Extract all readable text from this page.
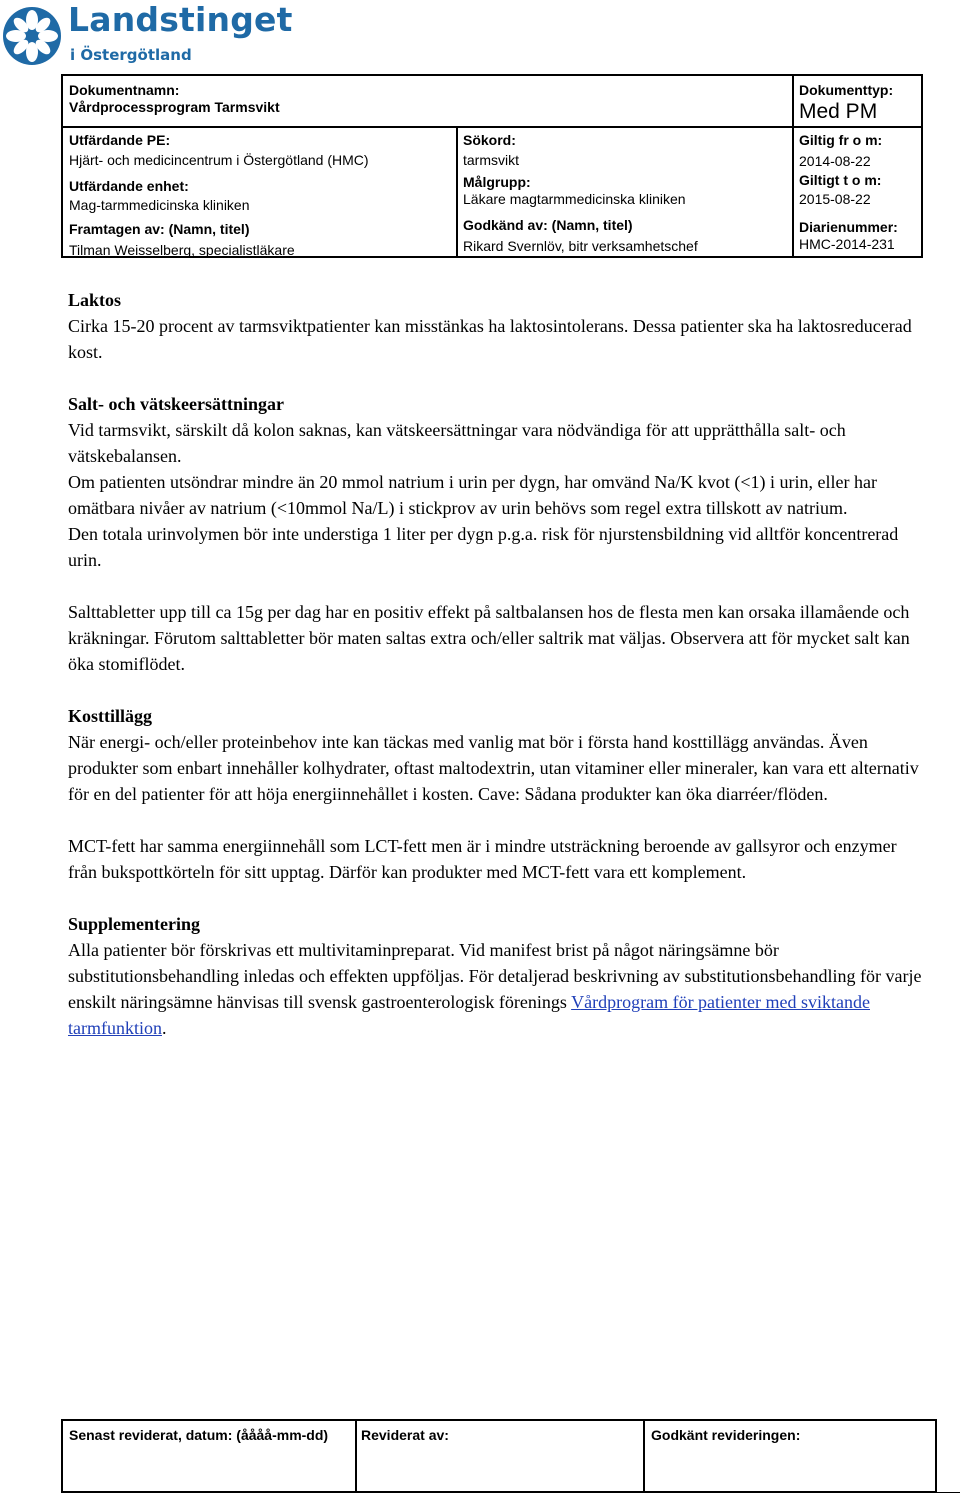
Landstinget
i Östergötland
Dokumentnamn:
Vårdprocessprogram Tarmsvikt
Dokumenttyp:
Med PM
Utfärdande PE:
Hjärt- och medicincentrum i Östergötland (HMC)
Utfärdande enhet:
Mag-tarmmedicinska kliniken
Framtagen av: (Namn, titel)
Tilman Weisselberg, specialistläkare
Sökord:
tarmsvikt
Målgrupp:
Läkare magtarmmedicinska kliniken
Godkänd av: (Namn, titel)
Rikard Svernlöv, bitr verksamhetschef
Giltig fr o m:
2014-08-22
Giltigt t o m:
2015-08-22
Diarienummer:
HMC-2014-231
Laktos

Cirka 15-20 procent av tarmsviktpatienter kan misstänkas ha laktosintolerans. Dessa patienter ska ha laktosreducerad kost.

Salt- och vätskeersättningar

Vid tarmsvikt, särskilt då kolon saknas, kan vätskeersättningar vara nödvändiga för att upprätthålla salt- och vätskebalansen.

Om patienten utsöndrar mindre än 20 mmol natrium i urin per dygn, har omvänd Na/K kvot (<1) i urin, eller har omätbara nivåer av natrium (<10mmol Na/L) i stickprov av urin behövs som regel extra tillskott av natrium.

Den totala urinvolymen bör inte understiga 1 liter per dygn p.g.a. risk för njurstensbildning vid alltför koncentrerad urin.

Salttabletter upp till ca 15g per dag har en positiv effekt på saltbalansen hos de flesta men kan orsaka illamående och kräkningar. Förutom salttabletter bör maten saltas extra och/eller saltrik mat väljas. Observera att för mycket salt kan öka stomiflödet.

Kosttillägg

När energi- och/eller proteinbehov inte kan täckas med vanlig mat bör i första hand kosttillägg användas. Även produkter som enbart innehåller kolhydrater, oftast maltodextrin, utan vitaminer eller mineraler, kan vara ett alternativ för en del patienter för att höja energiinnehållet i kosten. Cave: Sådana produkter kan öka diarréer/flöden.

MCT-fett har samma energiinnehåll som LCT-fett men är i mindre utsträckning beroende av gallsyror och enzymer från bukspottkörteln för sitt upptag. Därför kan produkter med MCT-fett vara ett komplement.

Supplementering

Alla patienter bör förskrivas ett multivitaminpreparat. Vid manifest brist på något näringsämne bör substitutionsbehandling inledas och effekten uppföljas. För detaljerad beskrivning av substitutionsbehandling för varje enskilt näringsämne hänvisas till svensk gastroenterologisk förenings Vårdprogram för patienter med sviktande tarmfunktion.

Senast reviderat, datum: (åååå-mm-dd) Reviderat av:	Godkänt revideringen:
